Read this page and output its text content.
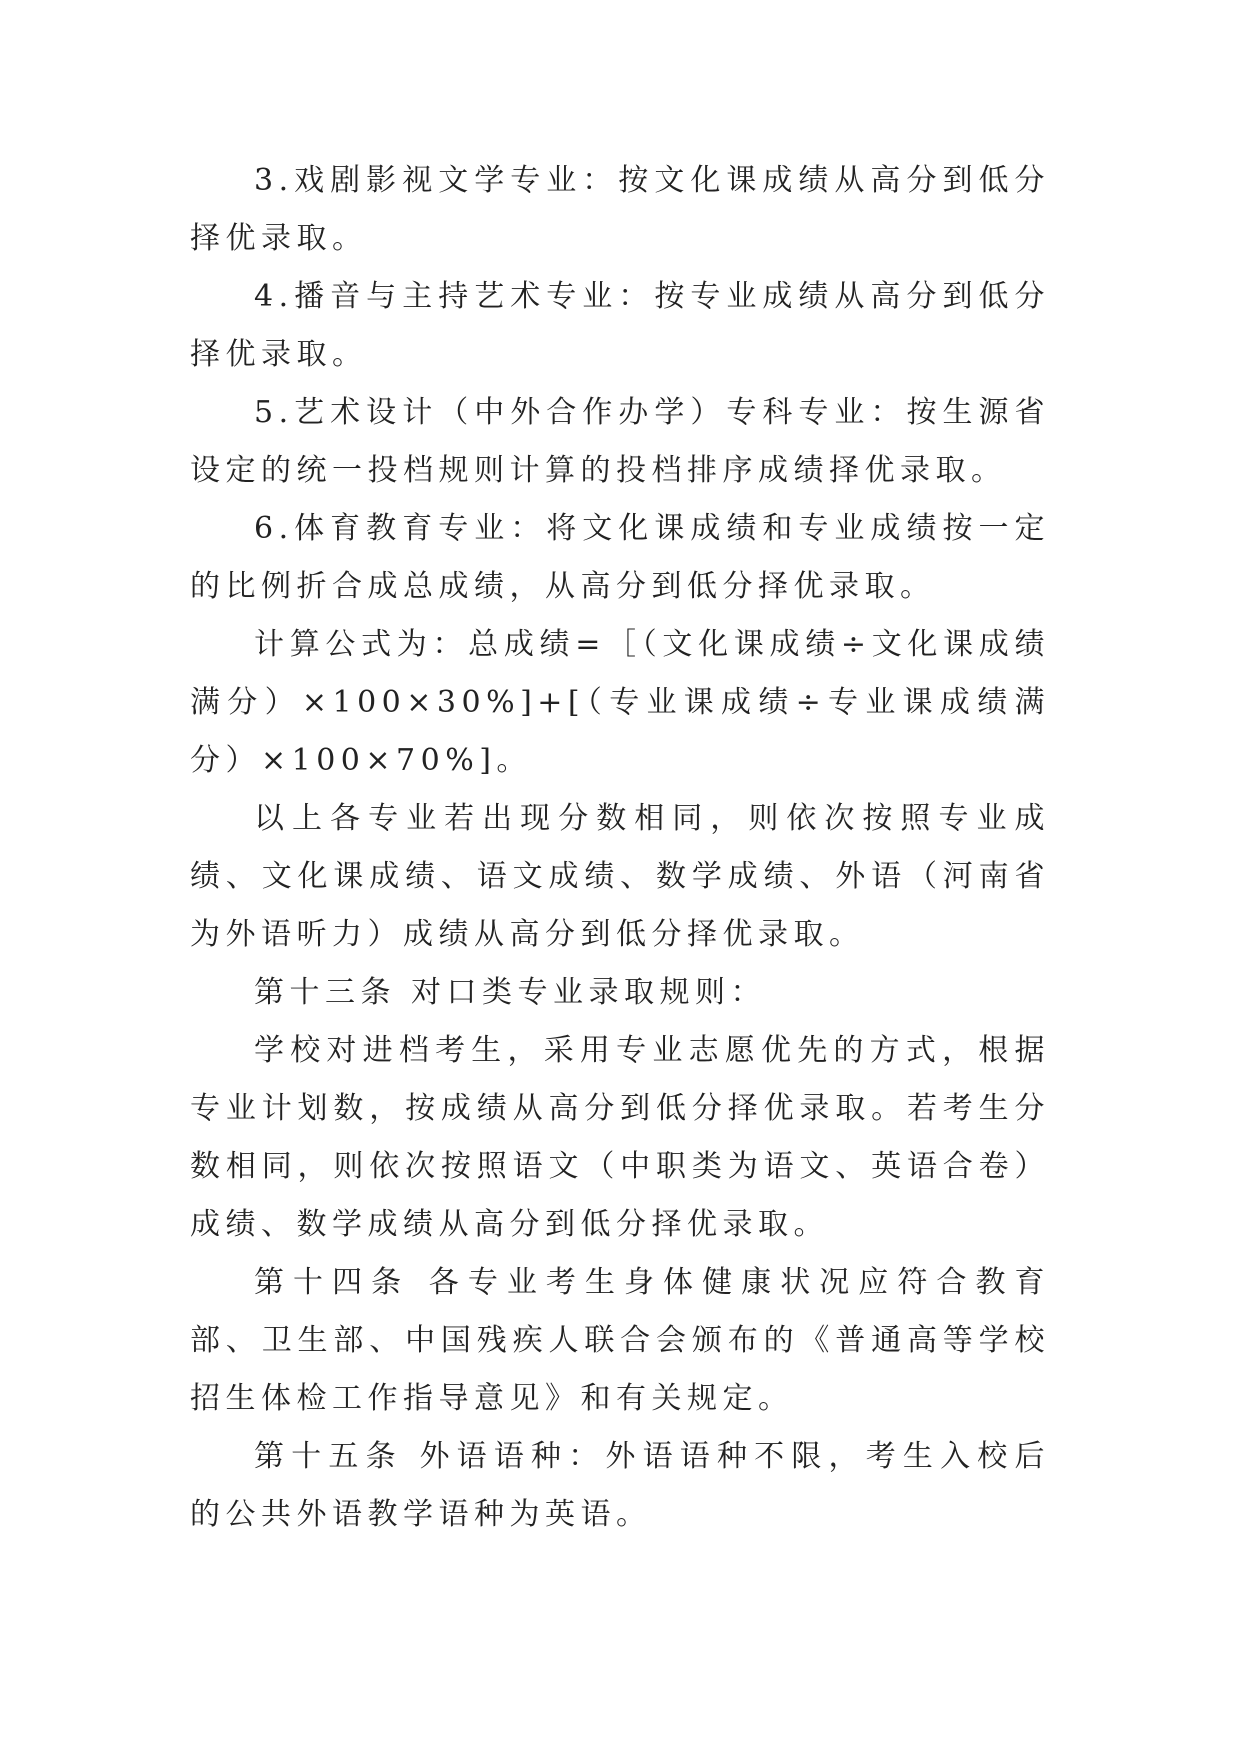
3.戏剧影视文学专业：按文化课成绩从高分到低分择优录取。

4.播音与主持艺术专业：按专业成绩从高分到低分择优录取。

5.艺术设计（中外合作办学）专科专业：按生源省设定的统一投档规则计算的投档排序成绩择优录取。

6.体育教育专业：将文化课成绩和专业成绩按一定的比例折合成总成绩，从高分到低分择优录取。

计算公式为：总成绩=［（文化课成绩÷文化课成绩满分）×100×30%]+[（专业课成绩÷专业课成绩满分）×100×70%]。

以上各专业若出现分数相同，则依次按照专业成绩、文化课成绩、语文成绩、数学成绩、外语（河南省为外语听力）成绩从高分到低分择优录取。

第十三条 对口类专业录取规则：

学校对进档考生，采用专业志愿优先的方式，根据专业计划数，按成绩从高分到低分择优录取。若考生分数相同，则依次按照语文（中职类为语文、英语合卷）成绩、数学成绩从高分到低分择优录取。

第十四条 各专业考生身体健康状况应符合教育部、卫生部、中国残疾人联合会颁布的《普通高等学校招生体检工作指导意见》和有关规定。

第十五条 外语语种：外语语种不限，考生入校后的公共外语教学语种为英语。
